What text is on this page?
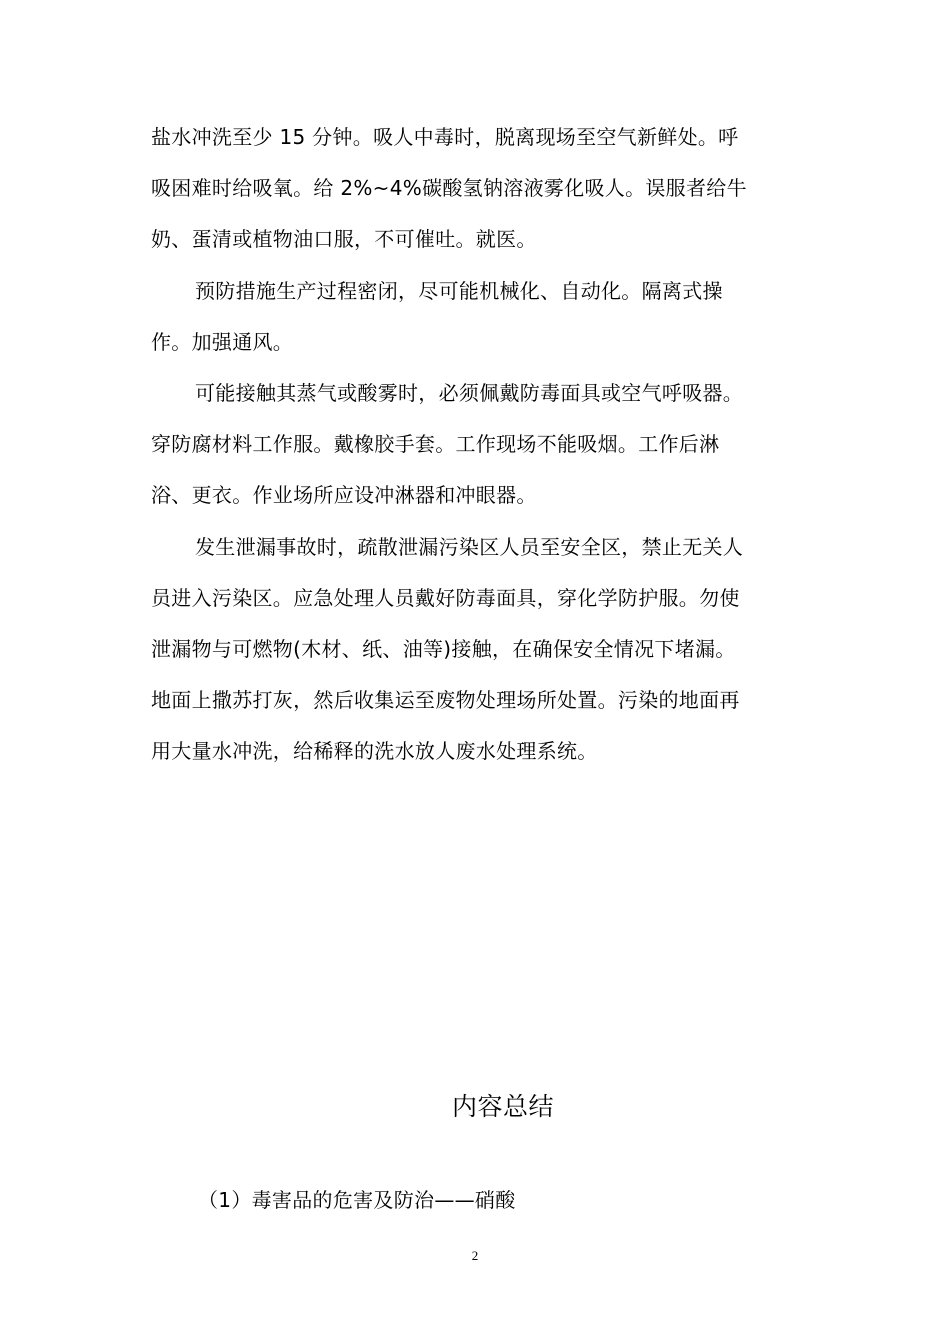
盐水冲洗至少 15 分钟。吸人中毒时，脱离现场至空气新鲜处。呼
吸困难时给吸氧。给 2%~4%碳酸氢钠溶液雾化吸人。误服者给牛
奶、蛋清或植物油口服，不可催吐。就医。

预防措施生产过程密闭，尽可能机械化、自动化。隔离式操
作。加强通风。

可能接触其蒸气或酸雾时，必须佩戴防毒面具或空气呼吸器。
穿防腐材料工作服。戴橡胶手套。工作现场不能吸烟。工作后淋
浴、更衣。作业场所应设冲淋器和冲眼器。

发生泄漏事故时，疏散泄漏污染区人员至安全区，禁止无关人
员进入污染区。应急处理人员戴好防毒面具，穿化学防护服。勿使
泄漏物与可燃物(木材、纸、油等)接触，在确保安全情况下堵漏。
地面上撒苏打灰，然后收集运至废物处理场所处置。污染的地面再
用大量水冲洗，给稀释的洗水放人废水处理系统。

内容总结
（1）毒害品的危害及防治——硝酸
2
